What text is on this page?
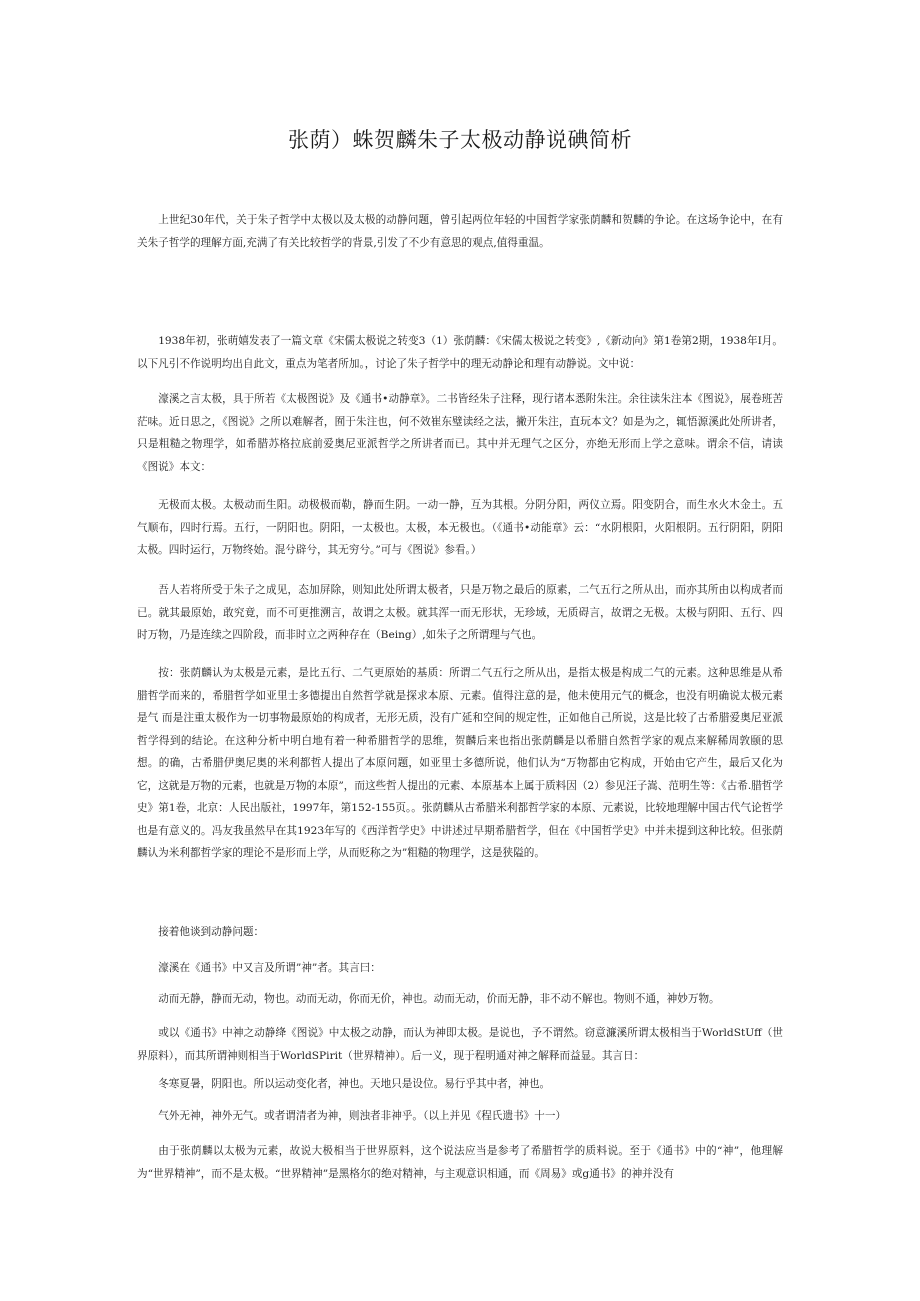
张荫）蛛贺麟朱子太极动静说碘简析

上世纪30年代，关于朱子哲学中太极以及太极的动静问题，曾引起两位年轻的中国哲学家张荫麟和贺麟的争论。在这场争论中，在有关朱子哲学的理解方面,充满了有关比较哲学的背景,引发了不少有意思的观点,值得重温。

1938年初，张萌嬉发表了一篇文章《宋儒太极说之转变3（1）张荫麟：《宋儒太极说之转变》,《新动向》第1卷第2期，1938年I月。以下凡引不作说明均出自此文，重点为笔者所加。，讨论了朱子哲学中的理无动静论和理有动静说。文中说：

濠溪之言太极，具于所若《太极图说》及《通书•动静章》。二书皆经朱子注释，现行诸本悉附朱注。余往读朱注本《图说》，展卷班苦茫味。近日思之，《图说》之所以难解者，囿于朱注也，何不效崔东璧读经之法，撇开朱注，直玩本文？如是为之，辄悟源溪此处所讲者，只是粗糙之物理学，如希腊苏格拉底前爱奥尼亚派哲学之所讲者而已。其中并无理气之区分，亦绝无形而上学之意味。谓余不信，请读《图说》本文：

无极而太极。太极动而生阳。动极极而勒，静而生阴。一动一静，互为其根。分阴分阳，两仪立焉。阳变阴合，而生水火木金土。五气顺布，四时行焉。五行，一阴阳也。阴阳，一太极也。太极，本无极也。（《通书•动能章》云：“水阴根阳，火阳根阴。五行阴阳，阴阳太极。四时运行，万物终始。混兮辟兮，其无穷兮。”可与《图说》参看。）

吾人若将所受于朱子之成见，态加屏除，则知此处所谓太极者，只是万物之最后的原素，二气五行之所从出，而亦其所由以构成者而已。就其最原始，敢究竟，而不可更推溯言，故谓之太极。就其浑一而无形状，无珍域，无质碍言，故谓之无极。太极与阴阳、五行、四时万物，乃是连续之四阶段，而非时立之两种存在（Being）,如朱子之所谓理与气也。

按：张荫麟认为太极是元素，是比五行、二气更原始的基质：所谓二气五行之所从出，是指太极是构成二气的元素。这种思维是从希腊哲学而来的，希腊哲学如亚里士多德提出自然哲学就是探求本原、元素。值得注意的是，他未使用元气的概念，也没有明确说太极元素是气 而是注重太极作为一切事物最原始的构成者，无形无质，没有广延和空间的规定性，正如他自己所说，这是比较了古希腊爱奥尼亚派哲学得到的结论。在这种分析中明白地有着一种希腊哲学的思维，贺麟后来也指出张荫麟是以希腊自然哲学家的观点来解稀周敦颐的思想。的确，古希腊伊奥尼奥的米利都哲人提出了本原问题，如亚里士多德所说，他们认为“万物都由它构成，开始由它产生，最后又化为它，这就是万物的元素，也就是万物的本原”，而这些哲人提出的元素、本原基本上属于质料因（2）参见汪子嵩、范明生等：《古希.腊哲学史》第1卷，北京：人民出版社，1997年，第152-155页。。张荫麟从古希腊米利都哲学家的本原、元素说，比较地理解中国古代气论哲学也是有意义的。冯友我虽然早在其1923年写的《西洋哲学史》中讲述过早期希腊哲学，但在《中国哲学史》中并未提到这种比较。但张荫麟认为米利都哲学家的理论不是形而上学，从而贬称之为”粗糙的物理学，这是狭隘的。

接着他谈到动静问题：

濠溪在《通书》中又言及所谓”神”者。其言曰：

动而无静，静而无动，物也。动而无动，你而无价，神也。动而无动，价而无静，非不动不解也。物则不通，神妙万物。

或以《通书》中神之动静绛《图说》中太极之动静，而认为神即太极。是说也，予不谓然。窃意濂溪所谓太极相当于WorldStUff（世界原料），而其所谓神则相当于WorldSPirit（世界精神）。后一义，现于程明通对神之解释而益显。其言日：

冬寒夏暑，阴阳也。所以运动变化者，神也。天地只是设位。易行乎其中者，神也。

气外无神，神外无气。或者谓清者为神，则浊者非神乎。（以上并见《程氏遗书》十一）

由于张荫麟以太极为元素，故说大极相当于世界原料，这个说法应当是参考了希腊哲学的质料说。至于《通书》中的“神”，他理解为“世界精神”，而不是太极。“世界精神”是黑格尔的绝对精神，与主观意识相通，而《周易》或g通书》的神并没有
